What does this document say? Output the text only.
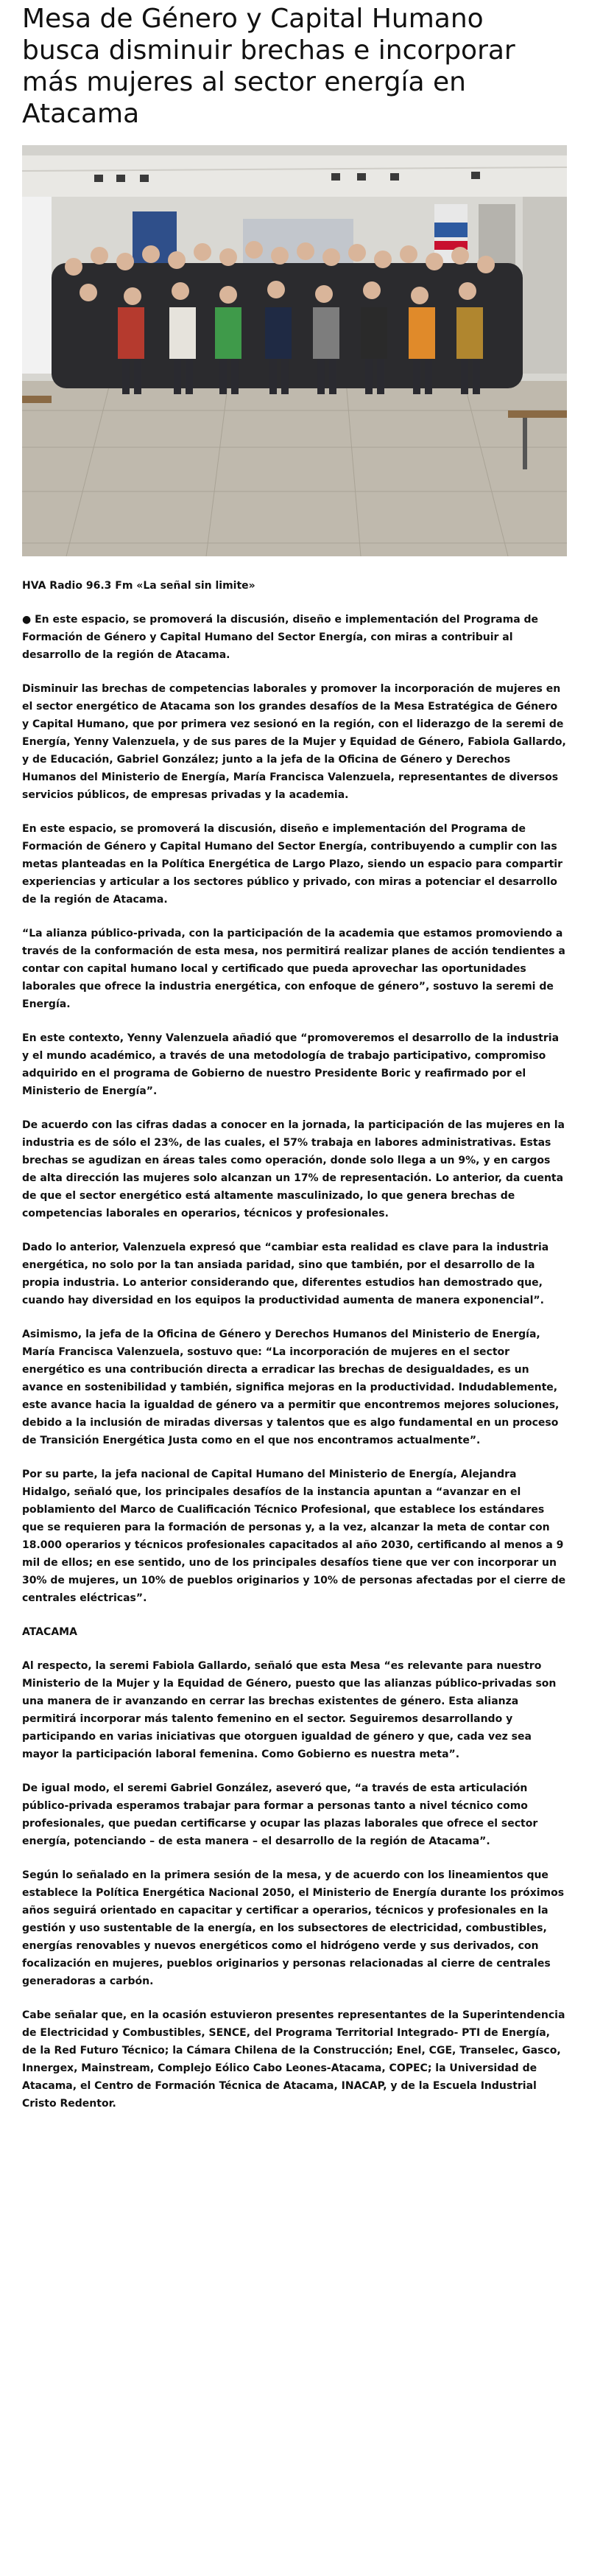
Mesa de Género y Capital Humano busca disminuir brechas e incorporar más mujeres al sector energía en Atacama
HVA Radio 96.3 Fm «La señal sin limite»

● En este espacio, se promoverá la discusión, diseño e implementación del Programa de Formación de Género y Capital Humano del Sector Energía, con miras a contribuir al desarrollo de la región de Atacama.

Disminuir las brechas de competencias laborales y promover la incorporación de mujeres en el sector energético de Atacama son los grandes desafíos de la Mesa Estratégica de Género y Capital Humano, que por primera vez sesionó en la región, con el liderazgo de la seremi de Energía, Yenny Valenzuela, y de sus pares de la Mujer y Equidad de Género, Fabiola Gallardo, y de Educación, Gabriel González; junto a la jefa de la Oficina de Género y Derechos Humanos del Ministerio de Energía, María Francisca Valenzuela, representantes de diversos servicios públicos, de empresas privadas y la academia.

En este espacio, se promoverá la discusión, diseño e implementación del Programa de Formación de Género y Capital Humano del Sector Energía, contribuyendo a cumplir con las metas planteadas en la Política Energética de Largo Plazo, siendo un espacio para compartir experiencias y articular a los sectores público y privado, con miras a potenciar el desarrollo de la región de Atacama.

“La alianza público-privada, con la participación de la academia que estamos promoviendo a través de la conformación de esta mesa, nos permitirá realizar planes de acción tendientes a contar con capital humano local y certificado que pueda aprovechar las oportunidades laborales que ofrece la industria energética, con enfoque de género”, sostuvo la seremi de Energía.

En este contexto, Yenny Valenzuela añadió que “promoveremos el desarrollo de la industria y el mundo académico, a través de una metodología de trabajo participativo, compromiso adquirido en el programa de Gobierno de nuestro Presidente Boric y reafirmado por el Ministerio de Energía”.

De acuerdo con las cifras dadas a conocer en la jornada, la participación de las mujeres en la industria es de sólo el 23%, de las cuales, el 57% trabaja en labores administrativas. Estas brechas se agudizan en áreas tales como operación, donde solo llega a un 9%, y en cargos de alta dirección las mujeres solo alcanzan un 17% de representación. Lo anterior, da cuenta de que el sector energético está altamente masculinizado, lo que genera brechas de competencias laborales en operarios, técnicos y profesionales.

Dado lo anterior, Valenzuela expresó que “cambiar esta realidad es clave para la industria energética, no solo por la tan ansiada paridad, sino que también, por el desarrollo de la propia industria. Lo anterior considerando que, diferentes estudios han demostrado que, cuando hay diversidad en los equipos la productividad aumenta de manera exponencial”.

Asimismo, la jefa de la Oficina de Género y Derechos Humanos del Ministerio de Energía, María Francisca Valenzuela, sostuvo que: “La incorporación de mujeres en el sector energético es una contribución directa a erradicar las brechas de desigualdades, es un avance en sostenibilidad y también, significa mejoras en la productividad. Indudablemente, este avance hacia la igualdad de género va a permitir que encontremos mejores soluciones, debido a la inclusión de miradas diversas y talentos que es algo fundamental en un proceso de Transición Energética Justa como en el que nos encontramos actualmente”.

Por su parte, la jefa nacional de Capital Humano del Ministerio de Energía, Alejandra Hidalgo, señaló que, los principales desafíos de la instancia apuntan a “avanzar en el poblamiento del Marco de Cualificación Técnico Profesional, que establece los estándares que se requieren para la formación de personas y, a la vez, alcanzar la meta de contar con 18.000 operarios y técnicos profesionales capacitados al año 2030, certificando al menos a 9 mil de ellos; en ese sentido, uno de los principales desafíos tiene que ver con incorporar un 30% de mujeres, un 10% de pueblos originarios y 10% de personas afectadas por el cierre de centrales eléctricas”.

ATACAMA

Al respecto, la seremi Fabiola Gallardo, señaló que esta Mesa “es relevante para nuestro Ministerio de la Mujer y la Equidad de Género, puesto que las alianzas público-privadas son una manera de ir avanzando en cerrar las brechas existentes de género. Esta alianza permitirá incorporar más talento femenino en el sector. Seguiremos desarrollando y participando en varias iniciativas que otorguen igualdad de género y que, cada vez sea mayor la participación laboral femenina. Como Gobierno es nuestra meta”.

De igual modo, el seremi Gabriel González, aseveró que, “a través de esta articulación público-privada esperamos trabajar para formar a personas tanto a nivel técnico como profesionales, que puedan certificarse y ocupar las plazas laborales que ofrece el sector energía, potenciando – de esta manera – el desarrollo de la región de Atacama”.

Según lo señalado en la primera sesión de la mesa, y de acuerdo con los lineamientos que establece la Política Energética Nacional 2050, el Ministerio de Energía durante los próximos años seguirá orientado en capacitar y certificar a operarios, técnicos y profesionales en la gestión y uso sustentable de la energía, en los subsectores de electricidad, combustibles, energías renovables y nuevos energéticos como el hidrógeno verde y sus derivados, con focalización en mujeres, pueblos originarios y personas relacionadas al cierre de centrales generadoras a carbón.

Cabe señalar que, en la ocasión estuvieron presentes representantes de la Superintendencia de Electricidad y Combustibles, SENCE, del Programa Territorial Integrado- PTI de Energía, de la Red Futuro Técnico; la Cámara Chilena de la Construcción; Enel, CGE, Transelec, Gasco, Innergex, Mainstream, Complejo Eólico Cabo Leones-Atacama, COPEC; la Universidad de Atacama, el Centro de Formación Técnica de Atacama, INACAP, y de la Escuela Industrial Cristo Redentor.
